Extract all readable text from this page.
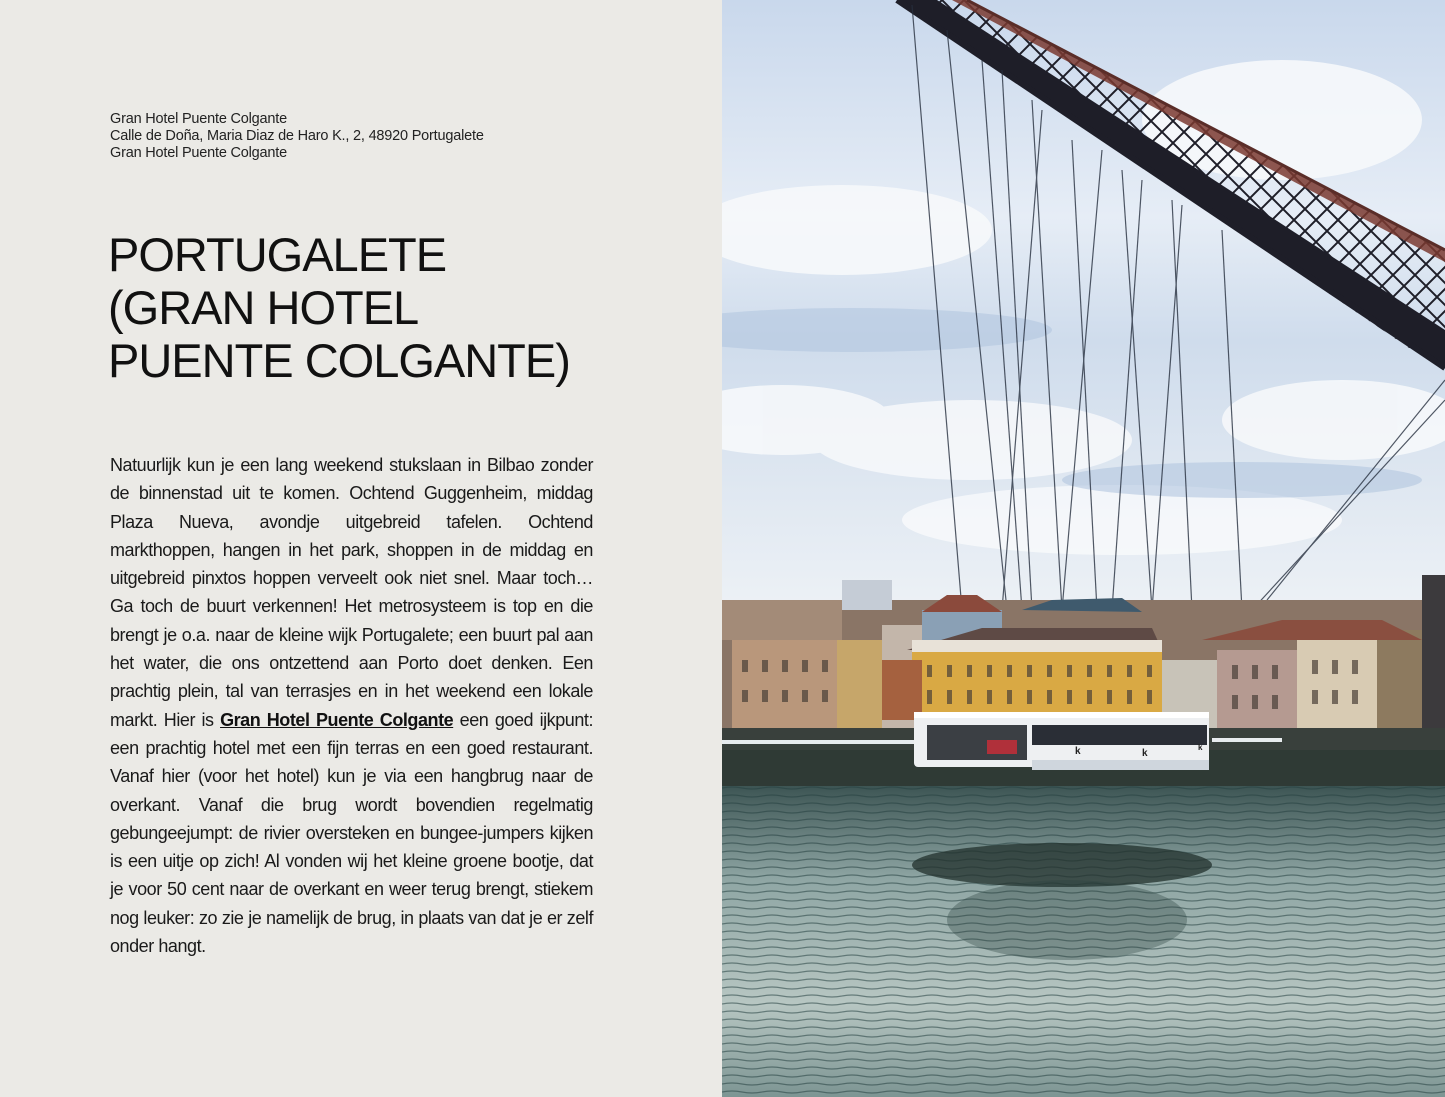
Gran Hotel Puente Colgante
Calle de Doña, Maria Diaz de Haro K., 2, 48920 Portugalete
Gran Hotel Puente Colgante
PORTUGALETE
(GRAN HOTEL
PUENTE COLGANTE)

Natuurlijk kun je een lang weekend stukslaan in Bilbao zonder de binnenstad uit te komen. Ochtend Guggenheim, middag Plaza Nueva, avondje uitgebreid tafelen. Ochtend markthoppen, hangen in het park, shoppen in de middag en uitgebreid pinxtos hoppen verveelt ook niet snel. Maar toch… Ga toch de buurt verkennen! Het metrosysteem is top en die brengt je o.a. naar de kleine wijk Portugalete; een buurt pal aan het water, die ons ontzettend aan Porto doet denken. Een prachtig plein, tal van terrasjes en in het weekend een lokale markt. Hier is Gran Hotel Puente Colgante een goed ijkpunt: een prachtig hotel met een fijn terras en een goed restaurant. Vanaf hier (voor het hotel) kun je via een hangbrug naar de overkant. Vanaf die brug wordt bovendien regelmatig gebungeejumpt: de rivier oversteken en bungee-jumpers kijken is een uitje op zich! Al vonden wij het kleine groene bootje, dat je voor 50 cent naar de overkant en weer terug brengt, stiekem nog leuker: zo zie je namelijk de brug, in plaats van dat je er zelf onder hangt.

k	k
k
